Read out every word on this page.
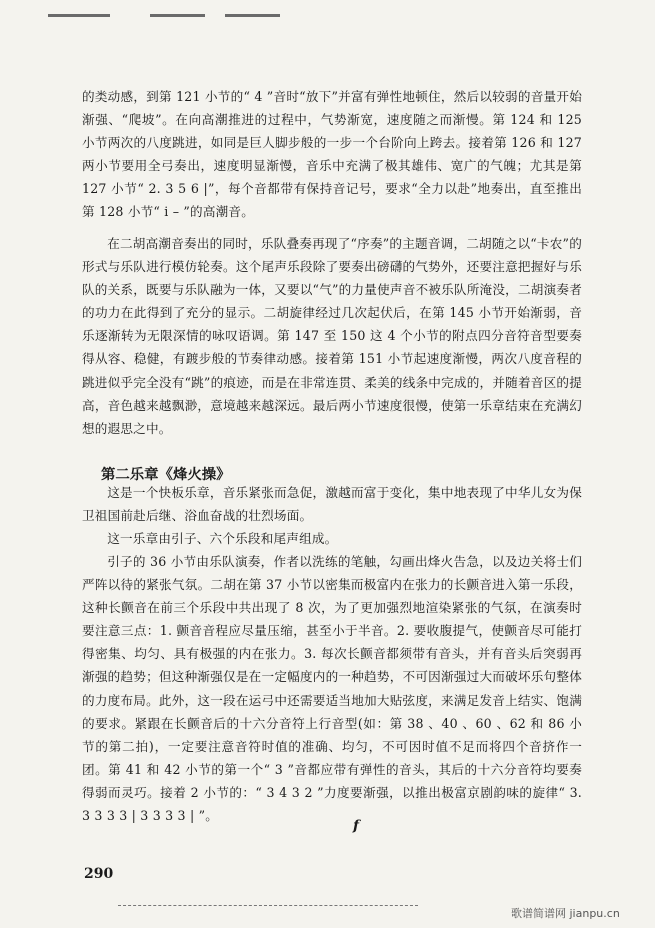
的类动感，到第 121 小节的“ 4 ”音时“放下”并富有弹性地顿住，然后以较弱的音量开始渐强、“爬坡”。在向高潮推进的过程中，气势渐宽，速度随之而渐慢。第 124 和 125 小节两次的八度跳进，如同是巨人脚步般的一步一个台阶向上跨去。接着第 126 和 127 两小节要用全弓奏出，速度明显渐慢，音乐中充满了极其雄伟、宽广的气魄；尤其是第 127 小节“ 2. 3 5 6 |”，每个音都带有保持音记号，要求“全力以赴”地奏出，直至推出第 128 小节“ i – ”的高潮音。
在二胡高潮音奏出的同时，乐队叠奏再现了“序奏”的主题音调，二胡随之以“卡农”的形式与乐队进行模仿轮奏。这个尾声乐段除了要奏出磅礴的气势外，还要注意把握好与乐队的关系，既要与乐队融为一体，又要以“气”的力量使声音不被乐队所淹没，二胡演奏者的功力在此得到了充分的显示。二胡旋律经过几次起伏后，在第 145 小节开始渐弱，音乐逐渐转为无限深情的咏叹语调。第 147 至 150 这 4 个小节的附点四分音符音型要奏得从容、稳健，有踱步般的节奏律动感。接着第 151 小节起速度渐慢，两次八度音程的跳进似乎完全没有“跳”的痕迹，而是在非常连贯、柔美的线条中完成的，并随着音区的提高，音色越来越飘渺，意境越来越深远。最后两小节速度很慢，使第一乐章结束在充满幻想的遐思之中。
第二乐章《烽火操》
这是一个快板乐章，音乐紧张而急促，激越而富于变化，集中地表现了中华儿女为保卫祖国前赴后继、浴血奋战的壮烈场面。
这一乐章由引子、六个乐段和尾声组成。
引子的 36 小节由乐队演奏，作者以洗练的笔触，勾画出烽火告急，以及边关将士们严阵以待的紧张气氛。二胡在第 37 小节以密集而极富内在张力的长颤音进入第一乐段，这种长颤音在前三个乐段中共出现了 8 次，为了更加强烈地渲染紧张的气氛，在演奏时要注意三点：1. 颤音音程应尽量压缩，甚至小于半音。2. 要收腹提气，使颤音尽可能打得密集、均匀、具有极强的内在张力。3. 每次长颤音都须带有音头，并有音头后突弱再渐强的趋势；但这种渐强仅是在一定幅度内的一种趋势，不可因渐强过大而破坏乐句整体的力度布局。此外，这一段在运弓中还需要适当地加大贴弦度，来满足发音上结实、饱满的要求。紧跟在长颤音后的十六分音符上行音型(如：第 38 、40 、60 、62 和 86 小节的第二拍)，一定要注意音符时值的准确、均匀，不可因时值不足而将四个音挤作一团。第 41 和 42 小节的第一个“ 3 ”音都应带有弹性的音头，其后的十六分音符均要奏得弱而灵巧。接着 2 小节的：“ 3 4 3 2 ”力度要渐强，以推出极富京剧韵味的旋律“ 3. 3 3 3 3 | 3 3 3 3 | ”。
f
290
歌谱简谱网 jianpu.cn
